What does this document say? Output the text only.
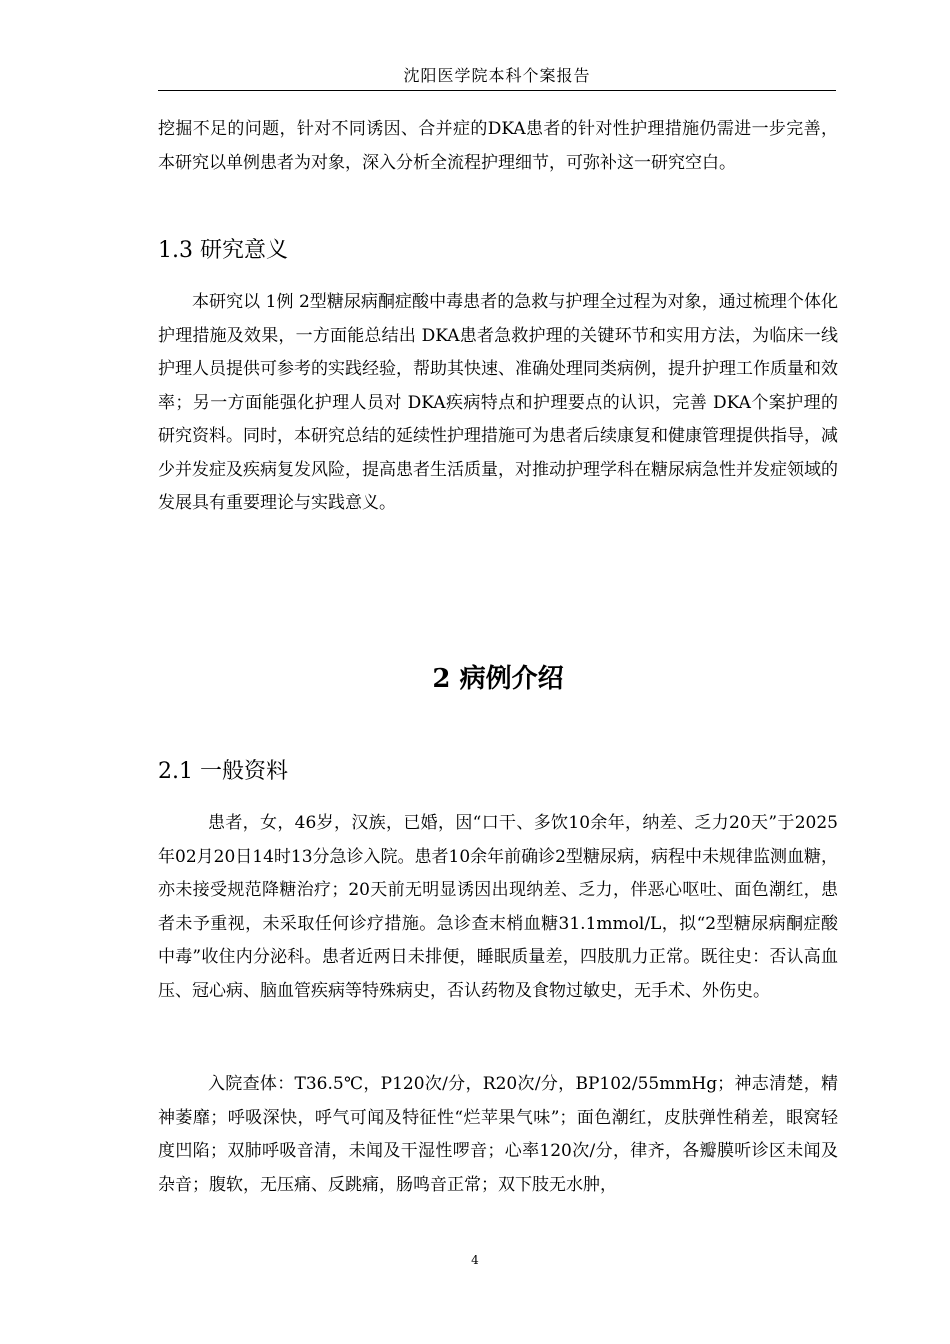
沈阳医学院本科个案报告

挖掘不足的问题，针对不同诱因、合并症的DKA患者的针对性护理措施仍需进一步完善，本研究以单例患者为对象，深入分析全流程护理细节，可弥补这一研究空白。

1.3 研究意义

本研究以 1例 2型糖尿病酮症酸中毒患者的急救与护理全过程为对象，通过梳理个体化护理措施及效果，一方面能总结出 DKA患者急救护理的关键环节和实用方法，为临床一线护理人员提供可参考的实践经验，帮助其快速、准确处理同类病例，提升护理工作质量和效率；另一方面能强化护理人员对 DKA疾病特点和护理要点的认识，完善 DKA个案护理的研究资料。同时，本研究总结的延续性护理措施可为患者后续康复和健康管理提供指导，减少并发症及疾病复发风险，提高患者生活质量，对推动护理学科在糖尿病急性并发症领域的发展具有重要理论与实践意义。

2 病例介绍
2.1 一般资料

患者，女，46岁，汉族，已婚，因“口干、多饮10余年，纳差、乏力20天”于2025年02月20日14时13分急诊入院。患者10余年前确诊2型糖尿病，病程中未规律监测血糖，亦未接受规范降糖治疗；20天前无明显诱因出现纳差、乏力，伴恶心呕吐、面色潮红，患者未予重视，未采取任何诊疗措施。急诊查末梢血糖31.1mmol/L，拟“2型糖尿病酮症酸中毒”收住内分泌科。患者近两日未排便，睡眠质量差，四肢肌力正常。既往史：否认高血压、冠心病、脑血管疾病等特殊病史，否认药物及食物过敏史，无手术、外伤史。

入院查体：T36.5℃，P120次/分，R20次/分，BP102/55mmHg；神志清楚，精神萎靡；呼吸深快，呼气可闻及特征性“烂苹果气味”；面色潮红，皮肤弹性稍差，眼窝轻度凹陷；双肺呼吸音清，未闻及干湿性啰音；心率120次/分，律齐，各瓣膜听诊区未闻及杂音；腹软，无压痛、反跳痛，肠鸣音正常；双下肢无水肿，

4
